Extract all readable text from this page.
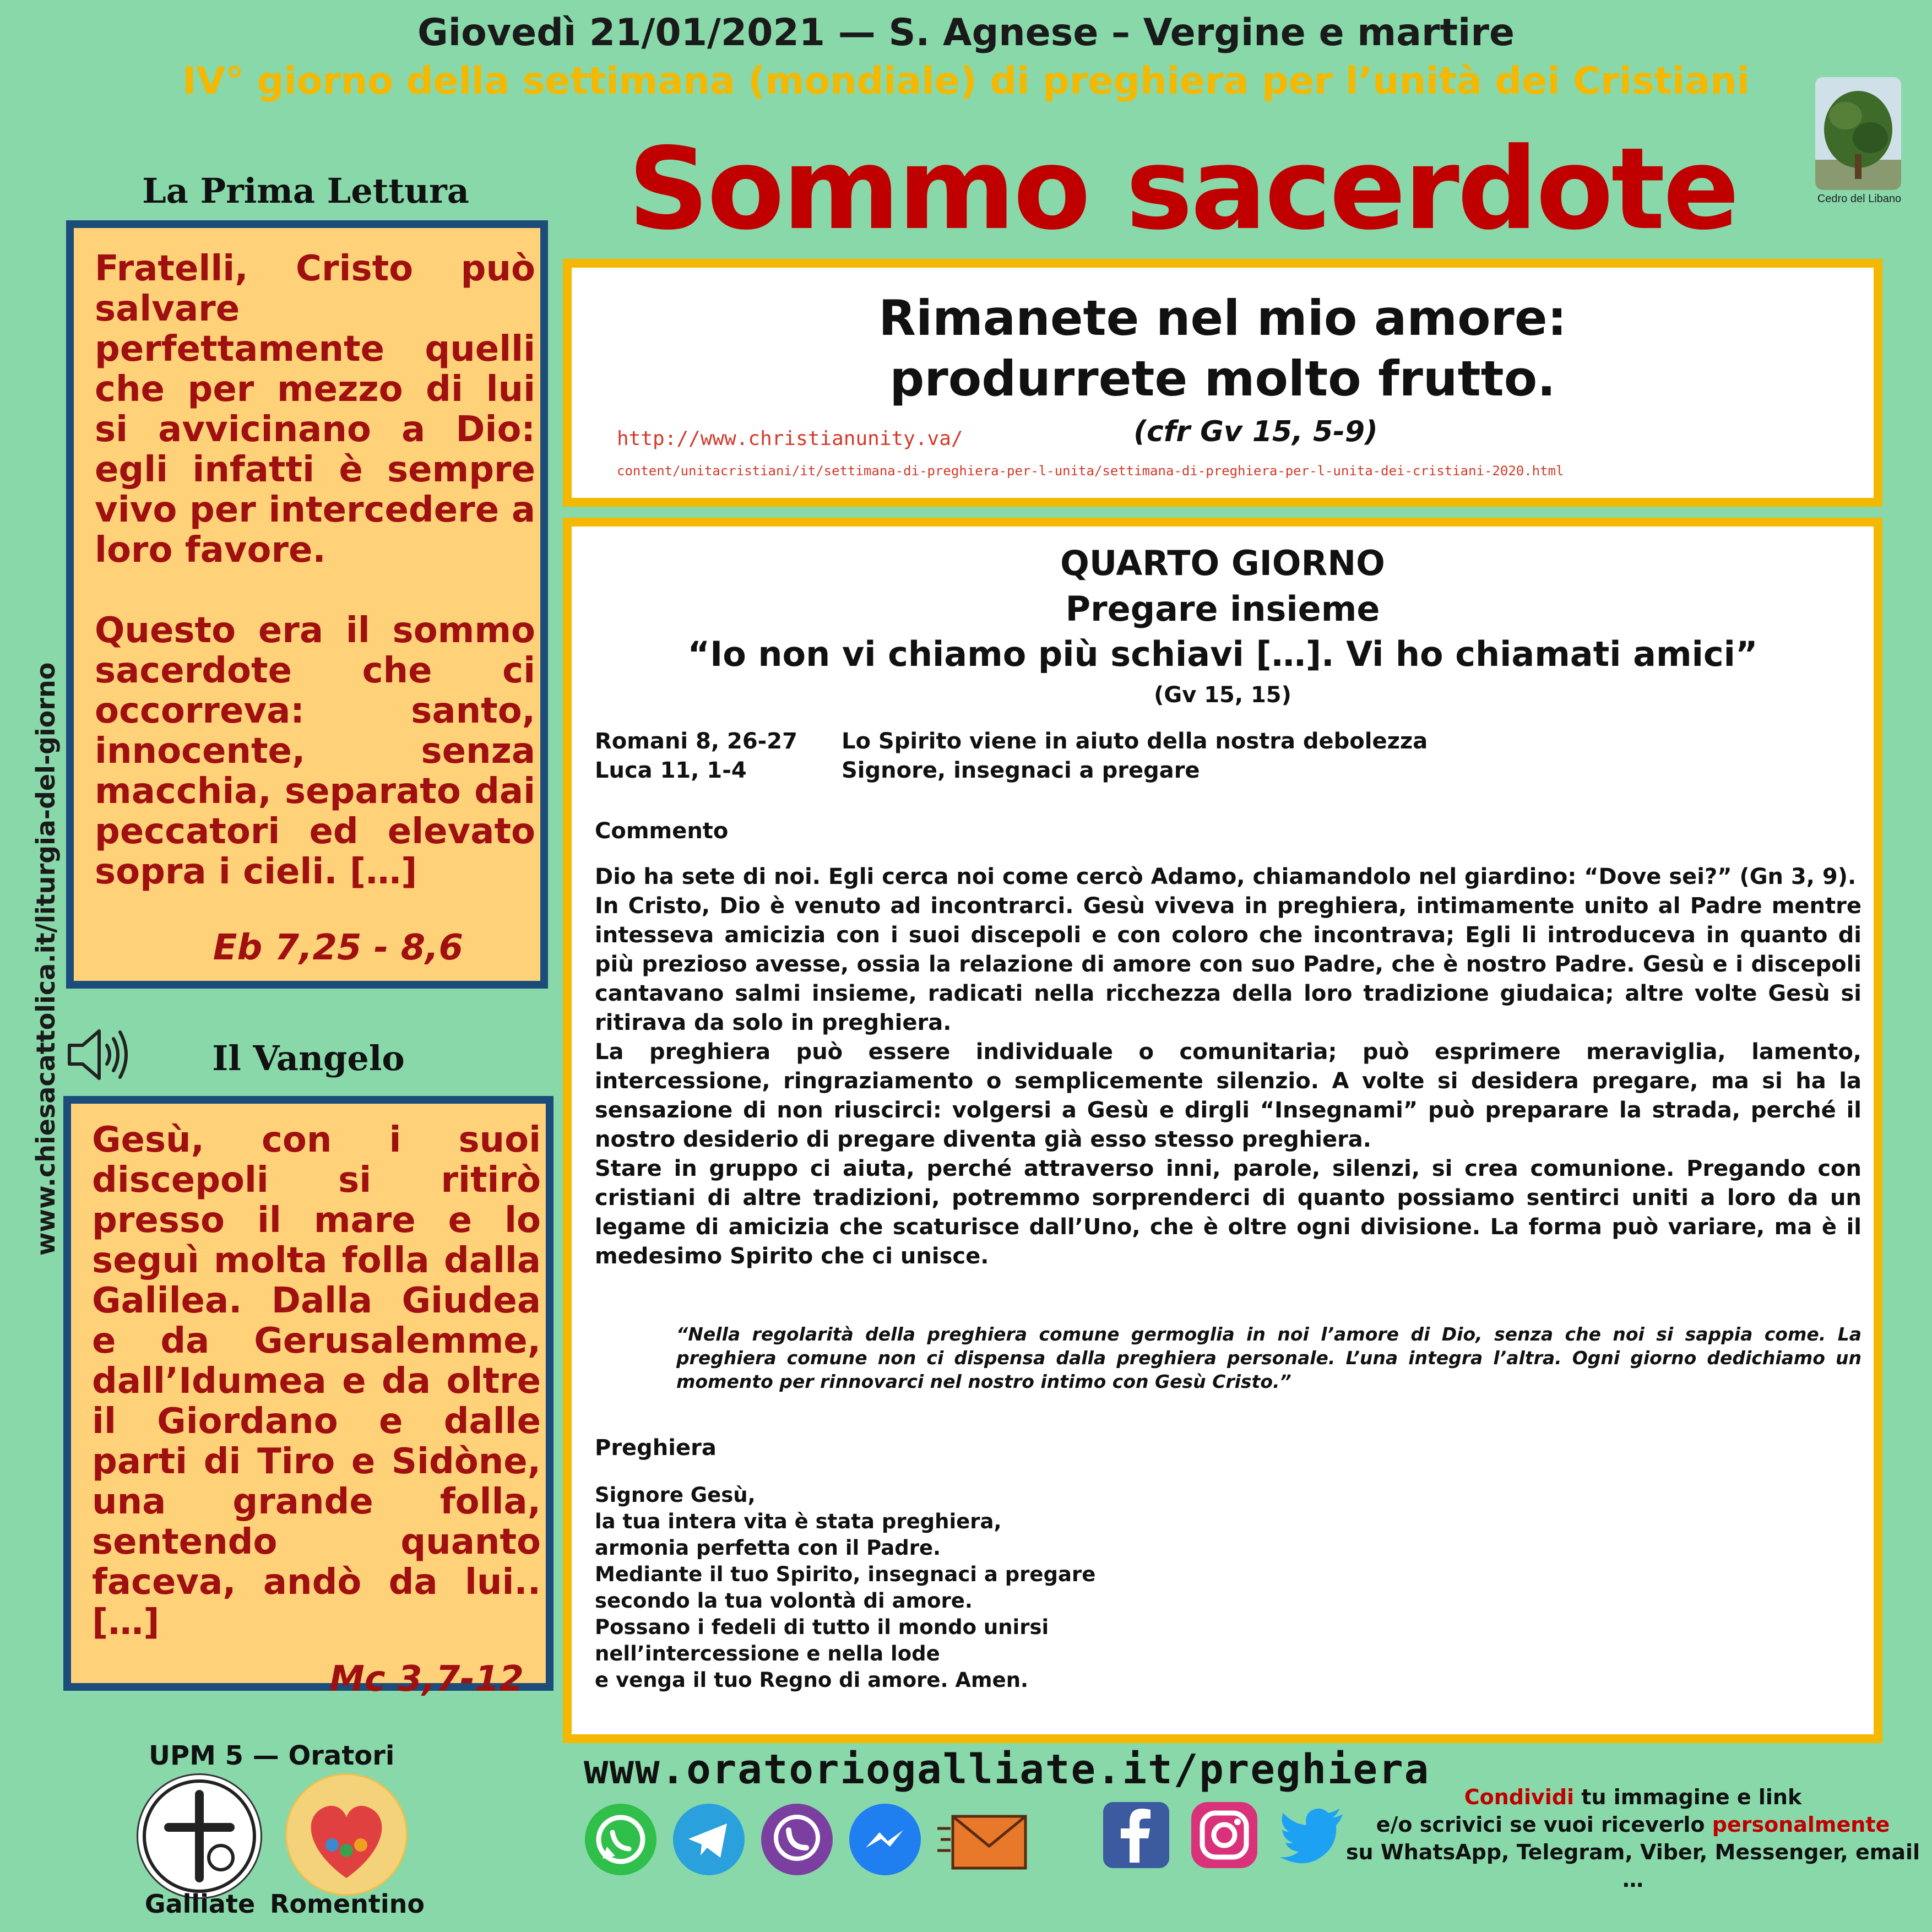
Giovedì 21/01/2021 — S. Agnese – Vergine e martire
IV° giorno della settimana (mondiale) di preghiera per l’unità dei Cristiani
Sommo sacerdote	Cedro del Libano
www.chiesacattolica.it/liturgia-del-giorno
La Prima Lettura
Fratelli, Cristo può salvare perfettamente quelli che per mezzo di lui si avvicinano a Dio: egli infatti è sempre vivo per intercedere a loro favore.
Questo era il sommo sacerdote che ci occorreva: santo, innocente, senza macchia, separato dai peccatori ed elevato sopra i cieli. […]
Eb 7,25 - 8,6
Il Vangelo
Gesù, con i suoi discepoli si ritirò presso il mare e lo seguì molta folla dalla Galilea. Dalla Giudea e da Gerusalemme, dall’Idumea e da oltre il Giordano e dalle parti di Tiro e Sidòne, una grande folla, sentendo quanto faceva, andò da lui.. […]
Mc 3,7-12
Rimanete nel mio amore:
produrrete molto frutto.
(cfr Gv 15, 5-9)
http://www.christianunity.va/
content/unitacristiani/it/settimana-di-preghiera-per-l-unita/settimana-di-preghiera-per-l-unita-dei-cristiani-2020.html
QUARTO GIORNO
Pregare insieme
“Io non vi chiamo più schiavi […]. Vi ho chiamati amici”
(Gv 15, 15)
Romani 8, 26-27 Lo Spirito viene in aiuto della nostra debolezza
Luca 11, 1-4	Signore, insegnaci a pregare
Commento

Dio ha sete di noi. Egli cerca noi come cercò Adamo, chiamandolo nel giardino: “Dove sei?” (Gn 3, 9).

In Cristo, Dio è venuto ad incontrarci. Gesù viveva in preghiera, intimamente unito al Padre mentre intesseva amicizia con i suoi discepoli e con coloro che incontrava; Egli li introduceva in quanto di più prezioso avesse, ossia la relazione di amore con suo Padre, che è nostro Padre. Gesù e i discepoli cantavano salmi insieme, radicati nella ricchezza della loro tradizione giudaica; altre volte Gesù si ritirava da solo in preghiera.

La preghiera può essere individuale o comunitaria; può esprimere meraviglia, lamento, intercessione, ringraziamento o semplicemente silenzio. A volte si desidera pregare, ma si ha la sensazione di non riuscirci: volgersi a Gesù e dirgli “Insegnami” può preparare la strada, perché il nostro desiderio di pregare diventa già esso stesso preghiera.

Stare in gruppo ci aiuta, perché attraverso inni, parole, silenzi, si crea comunione. Pregando con cristiani di altre tradizioni, potremmo sorprenderci di quanto possiamo sentirci uniti a loro da un legame di amicizia che scaturisce dall’Uno, che è oltre ogni divisione. La forma può variare, ma è il medesimo Spirito che ci unisce.

“Nella regolarità della preghiera comune germoglia in noi l’amore di Dio, senza che noi si sappia come. La preghiera comune non ci dispensa dalla preghiera personale. L’una integra l’altra. Ogni giorno dedichiamo un momento per rinnovarci nel nostro intimo con Gesù Cristo.”
Preghiera
Signore Gesù,
la tua intera vita è stata preghiera,
armonia perfetta con il Padre.
Mediante il tuo Spirito, insegnaci a pregare
secondo la tua volontà di amore.
Possano i fedeli di tutto il mondo unirsi
nell’intercessione e nella lode
e venga il tuo Regno di amore. Amen.
UPM 5 — Oratori
Galliate Romentino
www.oratoriogalliate.it/preghiera
Condividi tu immagine e link
e/o scrivici se vuoi riceverlo personalmente
su WhatsApp, Telegram, Viber, Messenger, email …
